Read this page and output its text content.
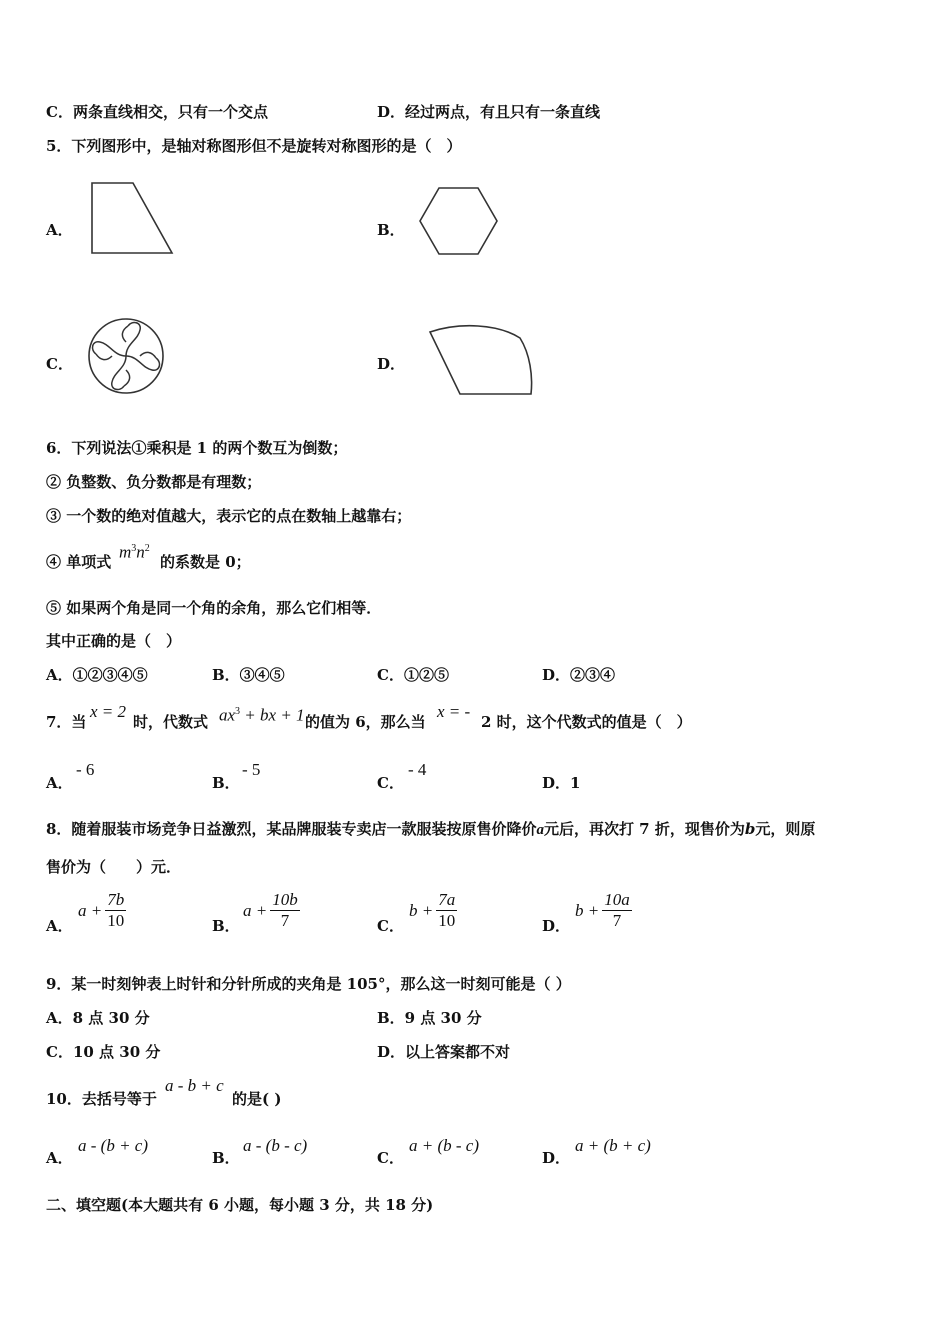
C．两条直线相交，只有一个交点	D．经过两点，有且只有一条直线
5．下列图形中，是轴对称图形但不是旋转对称图形的是（　）
A．	B．
C．	D．
6．下列说法①乘积是 1 的两个数互为倒数；
② 负整数、负分数都是有理数；
③ 一个数的绝对值越大，表示它的点在数轴上越靠右；
④ 单项式
$m^3n^2$
的系数是 0；
⑤ 如果两个角是同一个角的余角，那么它们相等．
其中正确的是（　）
A．①②③④⑤	B．③④⑤	C．①②⑤	D．②③④
7．当
x = 2
时，代数式 $ax^3$ + bx + 1 的值为 6，那么当
x = -
2 时，这个代数式的值是（　）
A．
- 6
B．
- 5
C．
- 4
D．1
8．随着服装市场竞争日益激烈，某品牌服装专卖店一款服装按原售价降价a元后，再次打 7 折，现售价为b元，则原
售价为（　　）元．
A．
$a + \frac{7b}{10}$	B．
$a + \frac{10b}{7}$	C．
$b + \frac{7a}{10}$	D．
$b + \frac{10a}{7}$
9．某一时刻钟表上时针和分针所成的夹角是 105°，那么这一时刻可能是（ ）
A．8 点 30 分	B．9 点 30 分
C．10 点 30 分	D．以上答案都不对
10．去括号等于
a - b + c
的是( )
A．
a - (b + c)
B．
a - (b - c)
C．
a + (b - c)
D．
a + (b + c)
二、填空题(本大题共有 6 小题，每小题 3 分，共 18 分)
